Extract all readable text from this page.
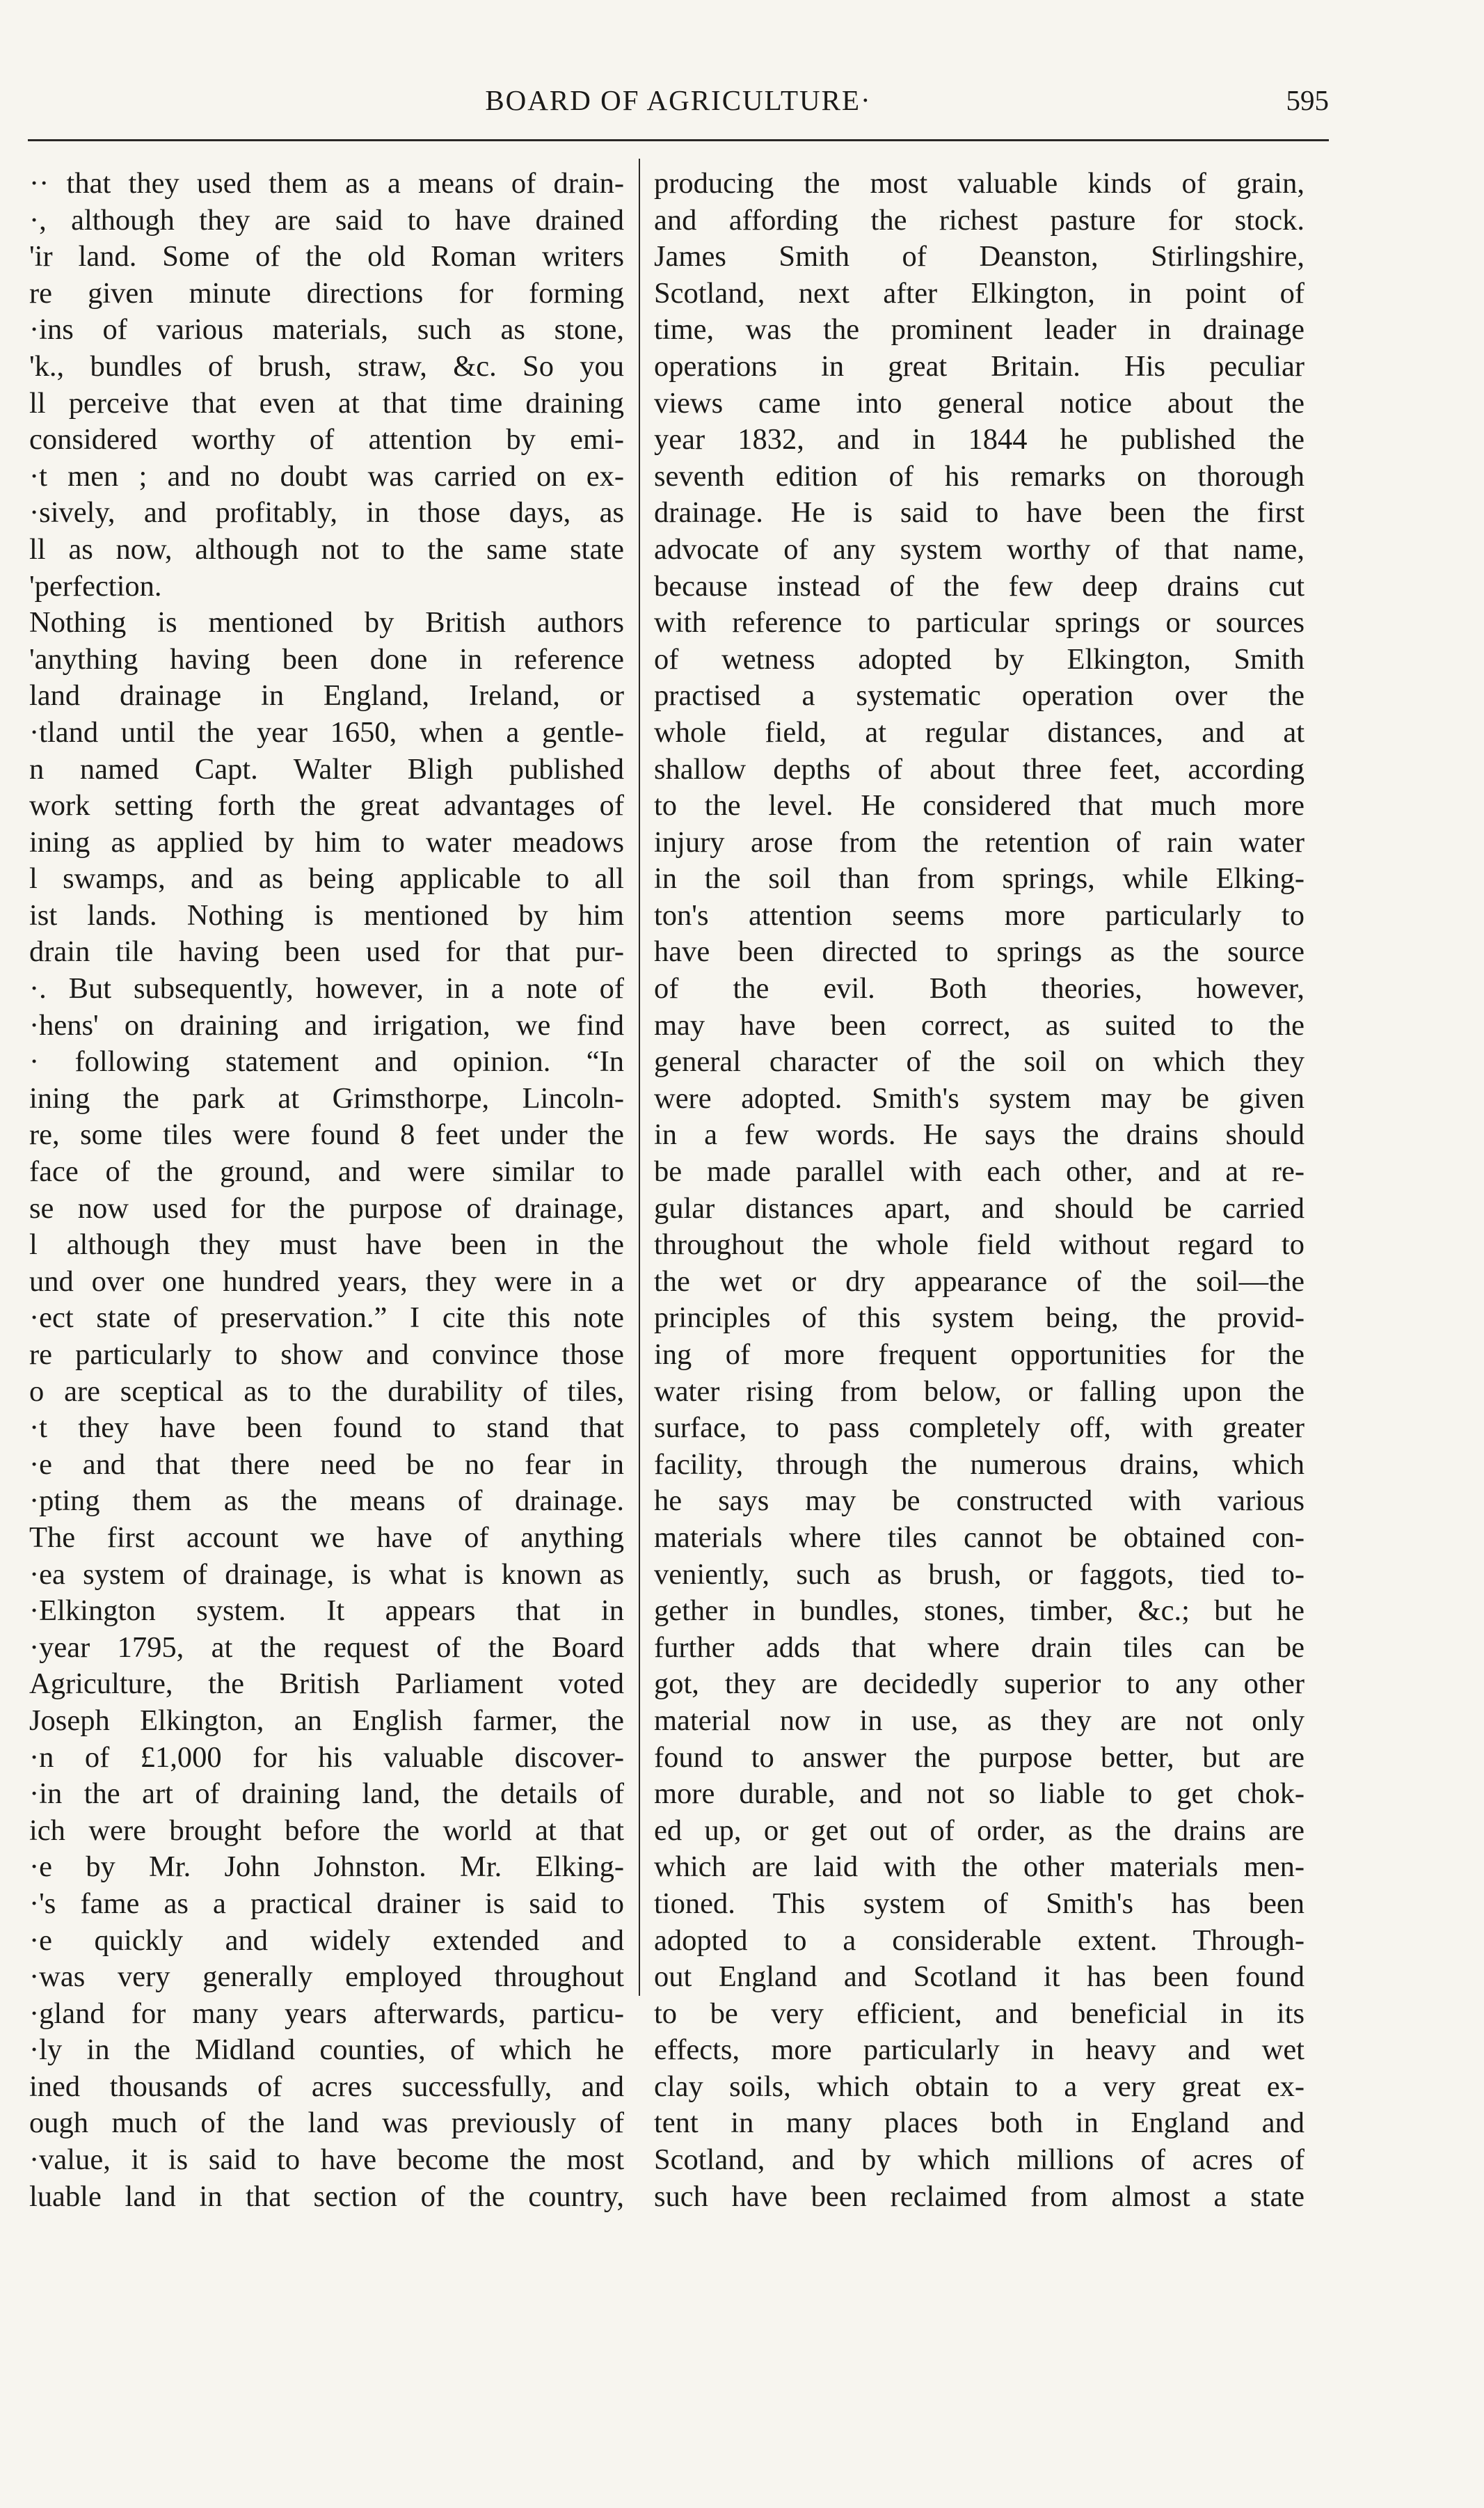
BOARD OF AGRICULTURE·	595
·· that they used them as a means of drain-
·, although they are said to have drained
'ir land. Some of the old Roman writers
re given minute directions for forming
·ins of various materials, such as stone,
'k., bundles of brush, straw, &c. So you
ll perceive that even at that time draining
considered worthy of attention by emi-
·t men ; and no doubt was carried on ex-
·sively, and profitably, in those days, as
ll as now, although not to the same state
'perfection.
Nothing is mentioned by British authors
'anything having been done in reference
land drainage in England, Ireland, or
·tland until the year 1650, when a gentle-
n named Capt. Walter Bligh published
work setting forth the great advantages of
ining as applied by him to water meadows
l swamps, and as being applicable to all
ist lands. Nothing is mentioned by him
drain tile having been used for that pur-
·. But subsequently, however, in a note of
·hens' on draining and irrigation, we find
· following statement and opinion. “In
ining the park at Grimsthorpe, Lincoln-
re, some tiles were found 8 feet under the
face of the ground, and were similar to
se now used for the purpose of drainage,
l although they must have been in the
und over one hundred years, they were in a
·ect state of preservation.” I cite this note
re particularly to show and convince those
o are sceptical as to the durability of tiles,
·t they have been found to stand that
·e and that there need be no fear in
·pting them as the means of drainage.
The first account we have of anything
·ea system of drainage, is what is known as
·Elkington system. It appears that in
·year 1795, at the request of the Board
Agriculture, the British Parliament voted
Joseph Elkington, an English farmer, the
·n of £1,000 for his valuable discover-
·in the art of draining land, the details of
ich were brought before the world at that
·e by Mr. John Johnston. Mr. Elking-
·'s fame as a practical drainer is said to
·e quickly and widely extended and
·was very generally employed throughout
·gland for many years afterwards, particu-
·ly in the Midland counties, of which he
ined thousands of acres successfully, and
ough much of the land was previously of
·value, it is said to have become the most
luable land in that section of the country,
producing the most valuable kinds of grain,
and affording the richest pasture for stock.
James Smith of Deanston, Stirlingshire,
Scotland, next after Elkington, in point of
time, was the prominent leader in drainage
operations in great Britain. His peculiar
views came into general notice about the
year 1832, and in 1844 he published the
seventh edition of his remarks on thorough
drainage. He is said to have been the first
advocate of any system worthy of that name,
because instead of the few deep drains cut
with reference to particular springs or sources
of wetness adopted by Elkington, Smith
practised a systematic operation over the
whole field, at regular distances, and at
shallow depths of about three feet, according
to the level. He considered that much more
injury arose from the retention of rain water
in the soil than from springs, while Elking-
ton's attention seems more particularly to
have been directed to springs as the source
of the evil. Both theories, however,
may have been correct, as suited to the
general character of the soil on which they
were adopted. Smith's system may be given
in a few words. He says the drains should
be made parallel with each other, and at re-
gular distances apart, and should be carried
throughout the whole field without regard to
the wet or dry appearance of the soil—the
principles of this system being, the provid-
ing of more frequent opportunities for the
water rising from below, or falling upon the
surface, to pass completely off, with greater
facility, through the numerous drains, which
he says may be constructed with various
materials where tiles cannot be obtained con-
veniently, such as brush, or faggots, tied to-
gether in bundles, stones, timber, &c.; but he
further adds that where drain tiles can be
got, they are decidedly superior to any other
material now in use, as they are not only
found to answer the purpose better, but are
more durable, and not so liable to get chok-
ed up, or get out of order, as the drains are
which are laid with the other materials men-
tioned. This system of Smith's has been
adopted to a considerable extent. Through-
out England and Scotland it has been found
to be very efficient, and beneficial in its
effects, more particularly in heavy and wet
clay soils, which obtain to a very great ex-
tent in many places both in England and
Scotland, and by which millions of acres of
such have been reclaimed from almost a state
